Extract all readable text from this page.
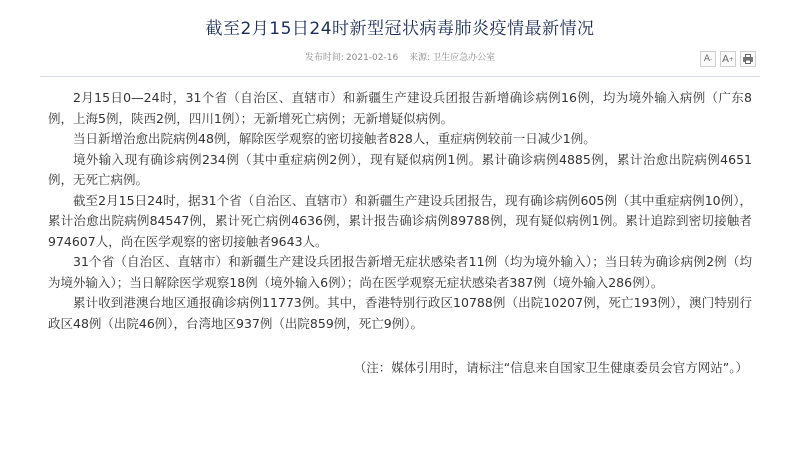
截至2月15日24时新型冠状病毒肺炎疫情最新情况
发布时间: 2021-02-16 来源: 卫生应急办公室	A - A +

2月15日0—24时，31个省（自治区、直辖市）和新疆生产建设兵团报告新增确诊病例16例，均为境外输入病例（广东8例，上海5例，陕西2例，四川1例）；无新增死亡病例；无新增疑似病例。

当日新增治愈出院病例48例，解除医学观察的密切接触者828人，重症病例较前一日减少1例。

境外输入现有确诊病例234例（其中重症病例2例），现有疑似病例1例。累计确诊病例4885例，累计治愈出院病例4651例，无死亡病例。

截至2月15日24时，据31个省（自治区、直辖市）和新疆生产建设兵团报告，现有确诊病例605例（其中重症病例10例），累计治愈出院病例84547例，累计死亡病例4636例，累计报告确诊病例89788例，现有疑似病例1例。累计追踪到密切接触者974607人，尚在医学观察的密切接触者9643人。

31个省（自治区、直辖市）和新疆生产建设兵团报告新增无症状感染者11例（均为境外输入）；当日转为确诊病例2例（均为境外输入）；当日解除医学观察18例（境外输入6例）；尚在医学观察无症状感染者387例（境外输入286例）。

累计收到港澳台地区通报确诊病例11773例。其中，香港特别行政区10788例（出院10207例，死亡193例），澳门特别行政区48例（出院46例），台湾地区937例（出院859例，死亡9例）。

（注：媒体引用时，请标注“信息来自国家卫生健康委员会官方网站”。）
